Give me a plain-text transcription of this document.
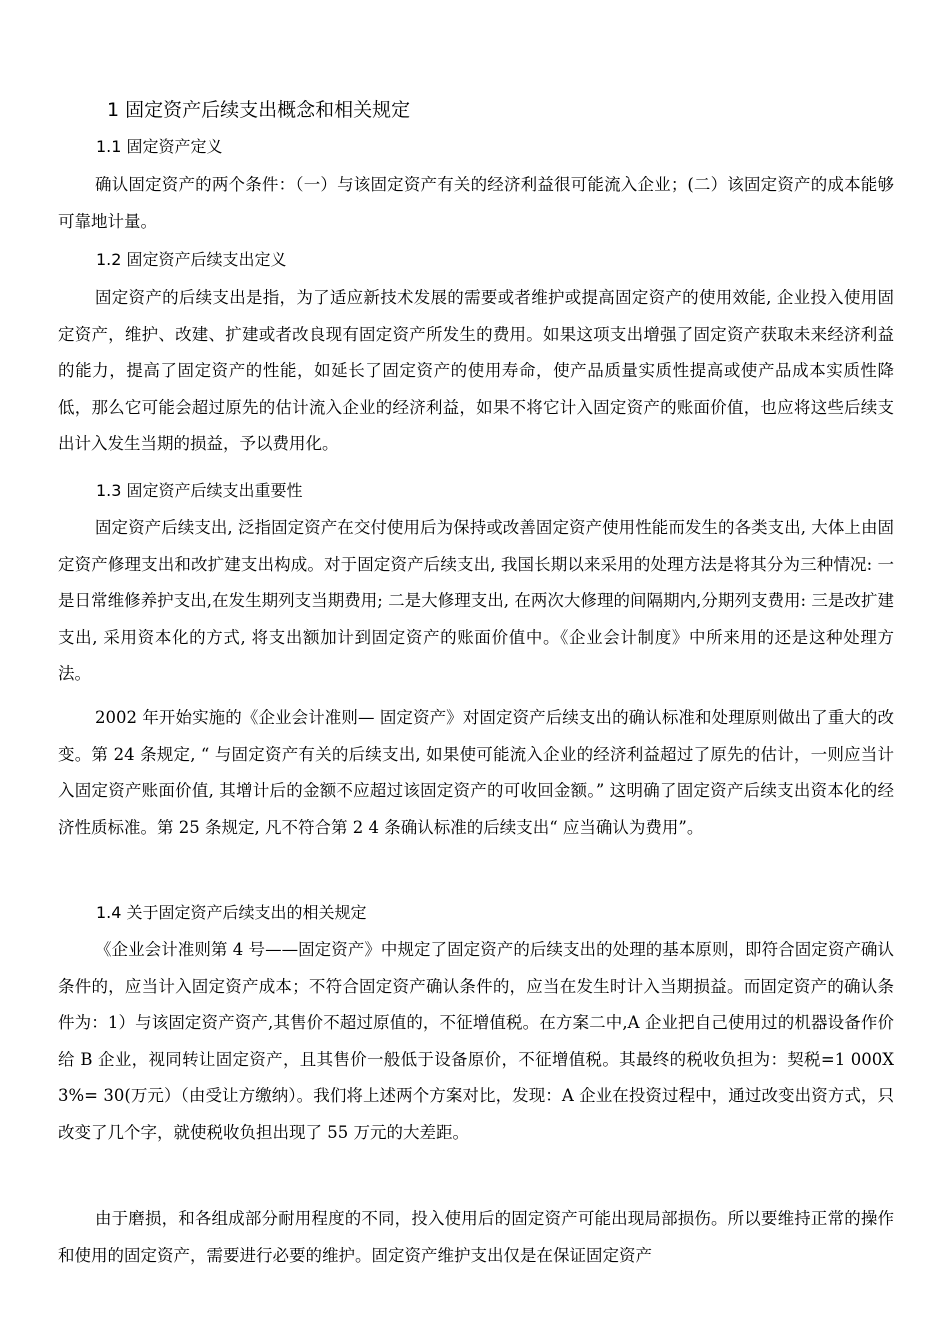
1 固定资产后续支出概念和相关规定
1.1 固定资产定义

确认固定资产的两个条件：（一）与该固定资产有关的经济利益很可能流入企业；(二）该固定资产的成本能够可靠地计量。

1.2 固定资产后续支出定义

固定资产的后续支出是指，为了适应新技术发展的需要或者维护或提高固定资产的使用效能, 企业投入使用固定资产，维护、改建、扩建或者改良现有固定资产所发生的费用。如果这项支出增强了固定资产获取未来经济利益的能力，提高了固定资产的性能，如延长了固定资产的使用寿命，使产品质量实质性提高或使产品成本实质性降低，那么它可能会超过原先的估计流入企业的经济利益，如果不将它计入固定资产的账面价值，也应将这些后续支出计入发生当期的损益，予以费用化。

1.3 固定资产后续支出重要性

固定资产后续支出, 泛指固定资产在交付使用后为保持或改善固定资产使用性能而发生的各类支出, 大体上由固定资产修理支出和改扩建支出构成。对于固定资产后续支出, 我国长期以来采用的处理方法是将其分为三种情况: 一是日常维修养护支出,在发生期列支当期费用; 二是大修理支出, 在两次大修理的间隔期内,分期列支费用: 三是改扩建支出, 采用资本化的方式, 将支出额加计到固定资产的账面价值中。《企业会计制度》中所来用的还是这种处理方法。

2002 年开始实施的《企业会计准则— 固定资产》对固定资产后续支出的确认标准和处理原则做出了重大的改变。第 24 条规定, “ 与固定资产有关的后续支出, 如果使可能流入企业的经济利益超过了原先的估计，一则应当计入固定资产账面价值, 其增计后的金额不应超过该固定资产的可收回金额。” 这明确了固定资产后续支出资本化的经济性质标准。第 25 条规定, 凡不符合第 2 4 条确认标准的后续支出“ 应当确认为费用”。

1.4 关于固定资产后续支出的相关规定

《企业会计准则第 4 号——固定资产》中规定了固定资产的后续支出的处理的基本原则，即符合固定资产确认条件的，应当计入固定资产成本；不符合固定资产确认条件的，应当在发生时计入当期损益。而固定资产的确认条件为：1）与该固定资产资产,其售价不超过原值的，不征增值税。在方案二中,A 企业把自己使用过的机器设备作价给 B 企业，视同转让固定资产，且其售价一般低于设备原价，不征增值税。其最终的税收负担为：契税=1 000X 3%= 30(万元）（由受让方缴纳）。我们将上述两个方案对比，发现：A 企业在投资过程中，通过改变出资方式，只改变了几个字，就使税收负担出现了 55 万元的大差距。

由于磨损，和各组成部分耐用程度的不同，投入使用后的固定资产可能出现局部损伤。所以要维持正常的操作和使用的固定资产，需要进行必要的维护。固定资产维护支出仅是在保证固定资产
